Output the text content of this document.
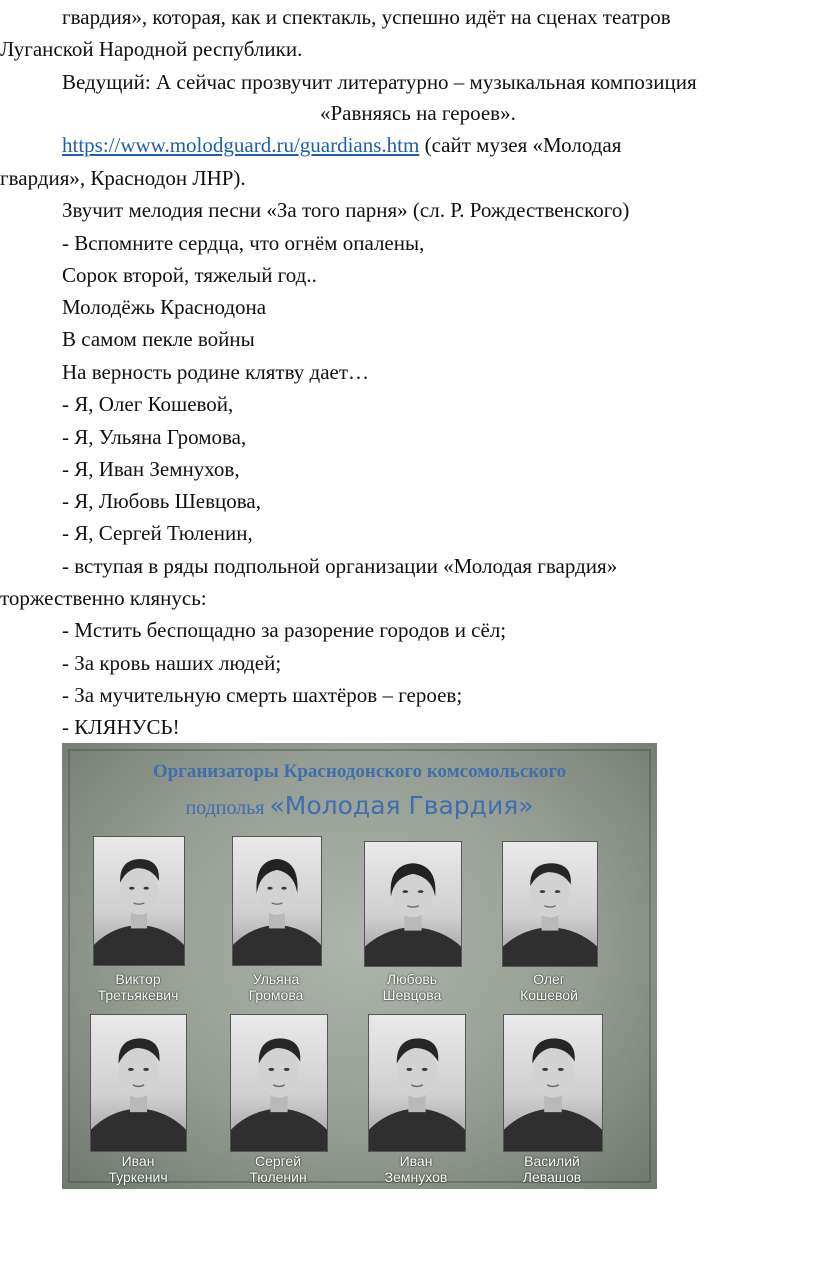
гвардия», которая, как и спектакль, успешно идёт на сценах театров
Луганской Народной республики.
Ведущий: А сейчас прозвучит литературно – музыкальная композиция
«Равняясь на героев».
https://www.molodguard.ru/guardians.htm (сайт музея «Молодая
гвардия», Краснодон ЛНР).
Звучит мелодия песни «За того парня» (сл. Р. Рождественского)
- Вспомните сердца, что огнём опалены,
Сорок второй, тяжелый год..
Молодёжь Краснодона
В самом пекле войны
На верность родине клятву дает…
- Я, Олег Кошевой,
- Я, Ульяна Громова,
- Я, Иван Земнухов,
- Я, Любовь Шевцова,
- Я, Сергей Тюленин,
- вступая в ряды подпольной организации «Молодая гвардия»
торжественно клянусь:
- Мстить беспощадно за разорение городов и сёл;
- За кровь наших людей;
- За мучительную смерть шахтёров – героев;
- КЛЯНУСЬ!
Организаторы Краснодонского комсомольского
подполья «Молодая Гвардия»
Виктор
Третьякевич
Ульяна
Громова
Любовь
Шевцова
Олег
Кошевой
Иван
Туркенич
Сергей
Тюленин
Иван
Земнухов
Василий
Левашов
